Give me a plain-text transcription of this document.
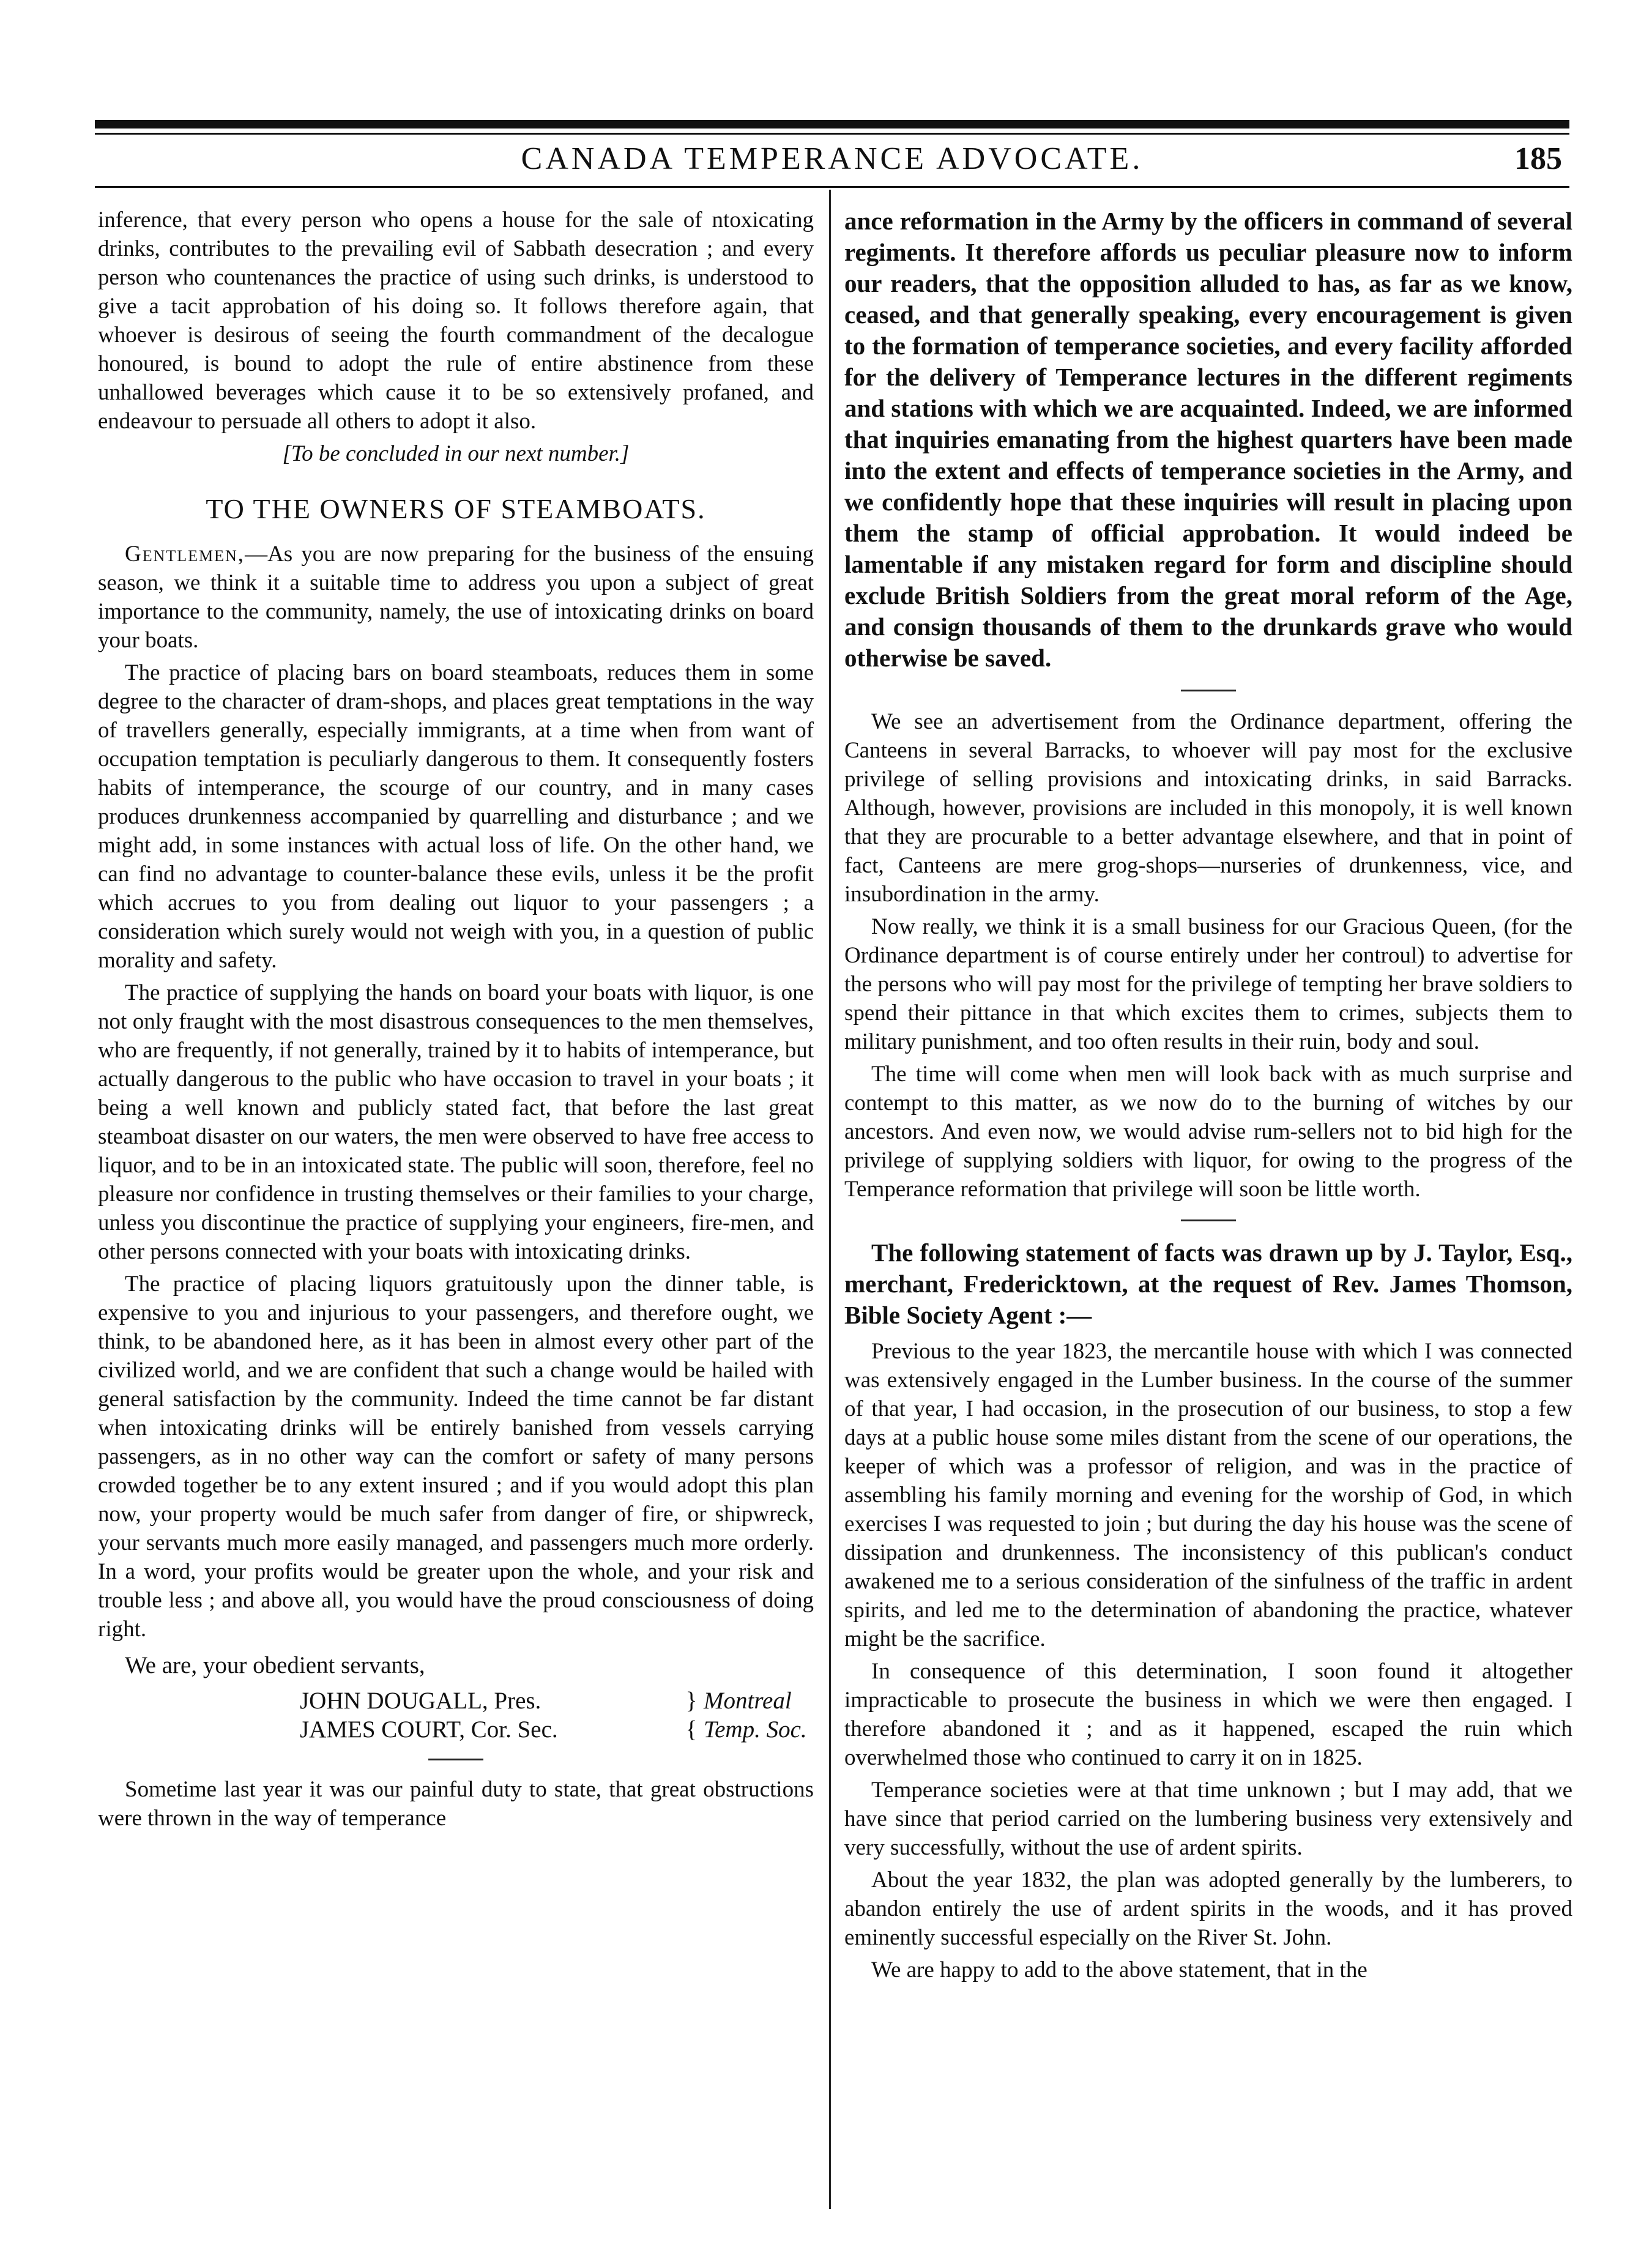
CANADA TEMPERANCE ADVOCATE.	185

inference, that every person who opens a house for the sale of ntoxicating drinks, contributes to the prevailing evil of Sabbath desecration ; and every person who countenances the practice of using such drinks, is understood to give a tacit approbation of his doing so. It follows therefore again, that whoever is desirous of seeing the fourth commandment of the decalogue honoured, is bound to adopt the rule of entire abstinence from these unhallowed beverages which cause it to be so extensively profaned, and endeavour to persuade all others to adopt it also.

[To be concluded in our next number.]
TO THE OWNERS OF STEAMBOATS.

Gentlemen,—As you are now preparing for the business of the ensuing season, we think it a suitable time to address you upon a subject of great importance to the community, namely, the use of intoxicating drinks on board your boats.

The practice of placing bars on board steamboats, reduces them in some degree to the character of dram-shops, and places great temptations in the way of travellers generally, especially immigrants, at a time when from want of occupation temptation is peculiarly dangerous to them. It consequently fosters habits of intemperance, the scourge of our country, and in many cases produces drunkenness accompanied by quarrelling and disturbance ; and we might add, in some instances with actual loss of life. On the other hand, we can find no advantage to counter-balance these evils, unless it be the profit which accrues to you from dealing out liquor to your passengers ; a consideration which surely would not weigh with you, in a question of public morality and safety.

The practice of supplying the hands on board your boats with liquor, is one not only fraught with the most disastrous consequences to the men themselves, who are frequently, if not generally, trained by it to habits of intemperance, but actually dangerous to the public who have occasion to travel in your boats ; it being a well known and publicly stated fact, that before the last great steamboat disaster on our waters, the men were observed to have free access to liquor, and to be in an intoxicated state. The public will soon, therefore, feel no pleasure nor confidence in trusting themselves or their families to your charge, unless you discontinue the practice of supplying your engineers, fire-men, and other persons connected with your boats with intoxicating drinks.

The practice of placing liquors gratuitously upon the dinner table, is expensive to you and injurious to your passengers, and therefore ought, we think, to be abandoned here, as it has been in almost every other part of the civilized world, and we are confident that such a change would be hailed with general satisfaction by the community. Indeed the time cannot be far distant when intoxicating drinks will be entirely banished from vessels carrying passengers, as in no other way can the comfort or safety of many persons crowded together be to any extent insured ; and if you would adopt this plan now, your property would be much safer from danger of fire, or shipwreck, your servants much more easily managed, and passengers much more orderly. In a word, your profits would be greater upon the whole, and your risk and trouble less ; and above all, you would have the proud consciousness of doing right.

We are, your obedient servants,

JOHN DOUGALL, Pres.	} Montreal
JAMES COURT, Cor. Sec.	{ Temp. Soc.

Sometime last year it was our painful duty to state, that great obstructions were thrown in the way of temperance

ance reformation in the Army by the officers in command of several regiments. It therefore affords us peculiar pleasure now to inform our readers, that the opposition alluded to has, as far as we know, ceased, and that generally speaking, every encouragement is given to the formation of temperance societies, and every facility afforded for the delivery of Temperance lectures in the different regiments and stations with which we are acquainted. Indeed, we are informed that inquiries emanating from the highest quarters have been made into the extent and effects of temperance societies in the Army, and we confidently hope that these inquiries will result in placing upon them the stamp of official approbation. It would indeed be lamentable if any mistaken regard for form and discipline should exclude British Soldiers from the great moral reform of the Age, and consign thousands of them to the drunkards grave who would otherwise be saved.

We see an advertisement from the Ordinance department, offering the Canteens in several Barracks, to whoever will pay most for the exclusive privilege of selling provisions and intoxicating drinks, in said Barracks. Although, however, provisions are included in this monopoly, it is well known that they are procurable to a better advantage elsewhere, and that in point of fact, Canteens are mere grog-shops—nurseries of drunkenness, vice, and insubordination in the army.

Now really, we think it is a small business for our Gracious Queen, (for the Ordinance department is of course entirely under her controul) to advertise for the persons who will pay most for the privilege of tempting her brave soldiers to spend their pittance in that which excites them to crimes, subjects them to military punishment, and too often results in their ruin, body and soul.

The time will come when men will look back with as much surprise and contempt to this matter, as we now do to the burning of witches by our ancestors. And even now, we would advise rum-sellers not to bid high for the privilege of supplying soldiers with liquor, for owing to the progress of the Temperance reformation that privilege will soon be little worth.

The following statement of facts was drawn up by J. Taylor, Esq., merchant, Fredericktown, at the request of Rev. James Thomson, Bible Society Agent :—

Previous to the year 1823, the mercantile house with which I was connected was extensively engaged in the Lumber business. In the course of the summer of that year, I had occasion, in the prosecution of our business, to stop a few days at a public house some miles distant from the scene of our operations, the keeper of which was a professor of religion, and was in the practice of assembling his family morning and evening for the worship of God, in which exercises I was requested to join ; but during the day his house was the scene of dissipation and drunkenness. The inconsistency of this publican's conduct awakened me to a serious consideration of the sinfulness of the traffic in ardent spirits, and led me to the determination of abandoning the practice, whatever might be the sacrifice.

In consequence of this determination, I soon found it altogether impracticable to prosecute the business in which we were then engaged. I therefore abandoned it ; and as it happened, escaped the ruin which overwhelmed those who continued to carry it on in 1825.

Temperance societies were at that time unknown ; but I may add, that we have since that period carried on the lumbering business very extensively and very successfully, without the use of ardent spirits.

About the year 1832, the plan was adopted generally by the lumberers, to abandon entirely the use of ardent spirits in the woods, and it has proved eminently successful especially on the River St. John.

We are happy to add to the above statement, that in the
